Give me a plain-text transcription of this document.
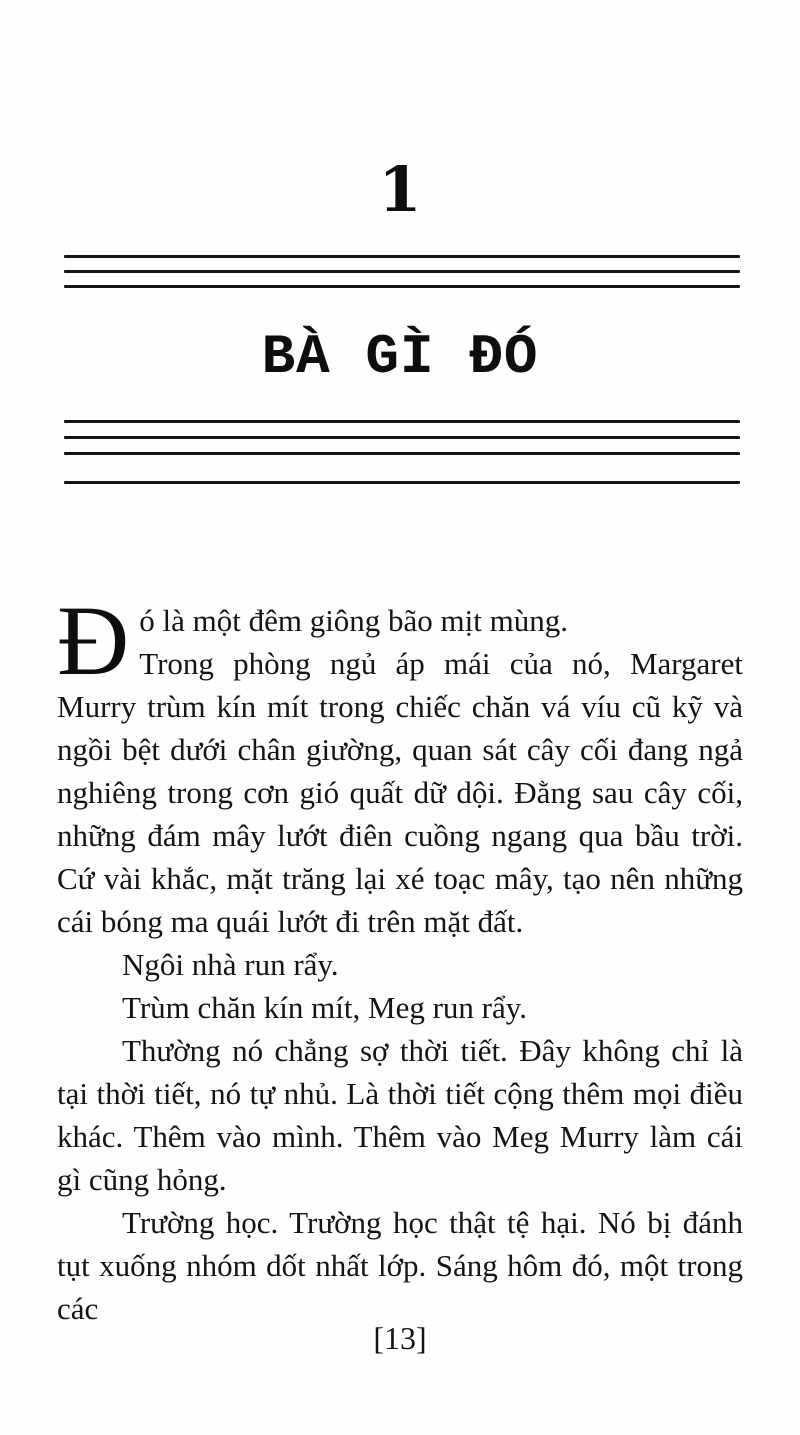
1
BÀ GÌ ĐÓ
Đ ó là một đêm giông bão mịt mùng.

Trong phòng ngủ áp mái của nó, Margaret Murry trùm kín mít trong chiếc chăn vá víu cũ kỹ và ngồi bệt dưới chân giường, quan sát cây cối đang ngả nghiêng trong cơn gió quất dữ dội. Đằng sau cây cối, những đám mây lướt điên cuồng ngang qua bầu trời. Cứ vài khắc, mặt trăng lại xé toạc mây, tạo nên những cái bóng ma quái lướt đi trên mặt đất.

Ngôi nhà run rẩy.

Trùm chăn kín mít, Meg run rẩy.

Thường nó chẳng sợ thời tiết. Đây không chỉ là tại thời tiết, nó tự nhủ. Là thời tiết cộng thêm mọi điều khác. Thêm vào mình. Thêm vào Meg Murry làm cái gì cũng hỏng.

Trường học. Trường học thật tệ hại. Nó bị đánh tụt xuống nhóm dốt nhất lớp. Sáng hôm đó, một trong các

[13]
